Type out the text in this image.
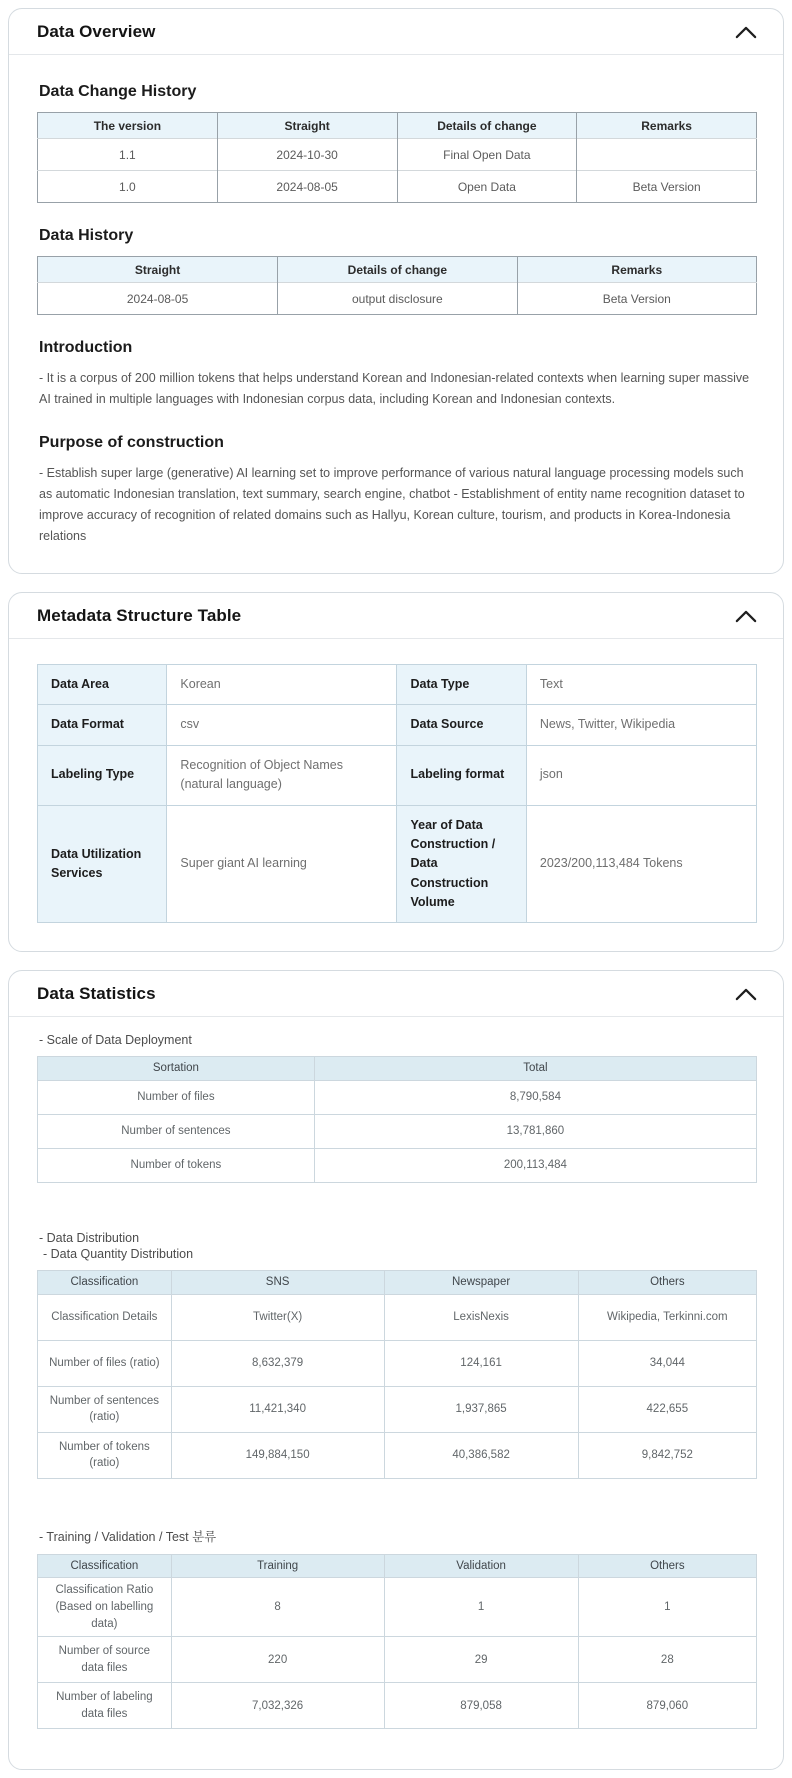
Data Overview
Data Change History
The version	Straight	Details of change	Remarks
1.1	2024-10-30	Final Open Data	
1.0	2024-08-05	Open Data	Beta Version
Data History
Straight	Details of change	Remarks
2024-08-05	output disclosure	Beta Version
Introduction

- It is a corpus of 200 million tokens that helps understand Korean and Indonesian-related contexts when learning super massive AI trained in multiple languages with Indonesian corpus data, including Korean and Indonesian contexts.

Purpose of construction

- Establish super large (generative) AI learning set to improve performance of various natural language processing models such as automatic Indonesian translation, text summary, search engine, chatbot - Establishment of entity name recognition dataset to improve accuracy of recognition of related domains such as Hallyu, Korean culture, tourism, and products in Korea-Indonesia relations

Metadata Structure Table
Data Area	Korean	Data Type	Text
Data Format	csv	Data Source	News, Twitter, Wikipedia
Labeling Type	Recognition of Object Names (natural language)	Labeling format	json
Data Utilization Services	Super giant AI learning	Year of Data Construction / Data Construction Volume	2023/200,113,484 Tokens
Data Statistics
- Scale of Data Deployment
Sortation	Total
Number of files	8,790,584
Number of sentences	13,781,860
Number of tokens	200,113,484
- Data Distribution
- Data Quantity Distribution
Classification	SNS	Newspaper	Others
Classification Details	Twitter(X)	LexisNexis	Wikipedia, Terkinni.com
Number of files (ratio)	8,632,379	124,161	34,044
Number of sentences (ratio)	11,421,340	1,937,865	422,655
Number of tokens (ratio)	149,884,150	40,386,582	9,842,752
- Training / Validation / Test 분류
Classification	Training	Validation	Others
Classification Ratio (Based on labelling data)	8	1	1
Number of source data files	220	29	28
Number of labeling data files	7,032,326	879,058	879,060
